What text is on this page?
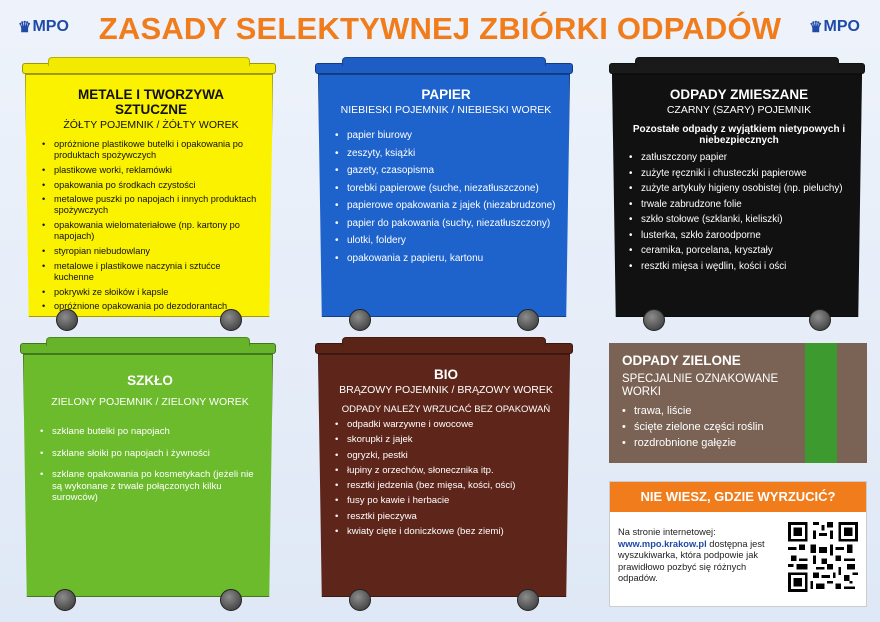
♛ MPO	♛ MPO
ZASADY SELEKTYWNEJ ZBIÓRKI ODPADÓW
METALE I TWORZYWA SZTUCZNE
ŻÓŁTY POJEMNIK / ŻÓŁTY WOREK
• opróżnione plastikowe butelki i opakowania po produktach spożywczych
• plastikowe worki, reklamówki
• opakowania po środkach czystości
• metalowe puszki po napojach i innych produktach spożywczych
• opakowania wielomateriałowe (np. kartony po napojach)
• styropian niebudowlany
• metalowe i plastikowe naczynia i sztućce kuchenne
• pokrywki ze słoików i kapsle
• opróżnione opakowania po dezodorantach
PAPIER
NIEBIESKI POJEMNIK / NIEBIESKI WOREK
• papier biurowy
• zeszyty, książki
• gazety, czasopisma
• torebki papierowe (suche, niezatłuszczone)
• papierowe opakowania z jajek (niezabrudzone)
• papier do pakowania (suchy, niezatłuszczony)
• ulotki, foldery
• opakowania z papieru, kartonu
ODPADY ZMIESZANE
CZARNY (SZARY) POJEMNIK
Pozostałe odpady z wyjątkiem nietypowych i niebezpiecznych
• zatłuszczony papier
• zużyte ręczniki i chusteczki papierowe
• zużyte artykuły higieny osobistej (np. pieluchy)
• trwale zabrudzone folie
• szkło stołowe (szklanki, kieliszki)
• lusterka, szkło żaroodporne
• ceramika, porcelana, kryształy
• resztki mięsa i wędlin, kości i ości
SZKŁO
ZIELONY POJEMNIK / ZIELONY WOREK
• szklane butelki po napojach
• szklane słoiki po napojach i żywności
• szklane opakowania po kosmetykach (jeżeli nie są wykonane z trwale połączonych kilku surowców)
BIO
BRĄZOWY POJEMNIK / BRĄZOWY WOREK
ODPADY NALEŻY WRZUCAĆ BEZ OPAKOWAŃ
• odpadki warzywne i owocowe
• skorupki z jajek
• ogryzki, pestki
• łupiny z orzechów, słonecznika itp.
• resztki jedzenia (bez mięsa, kości, ości)
• fusy po kawie i herbacie
• resztki pieczywa
• kwiaty cięte i doniczkowe (bez ziemi)
ODPADY ZIELONE
SPECJALNIE OZNAKOWANE WORKI
• trawa, liście
• ścięte zielone części roślin
• rozdrobnione gałęzie
NIE WIESZ, GDZIE WYRZUCIĆ?
Na stronie internetowej:
www.mpo.krakow.pl dostępna jest wyszukiwarka, która podpowie jak prawidłowo pozbyć się różnych odpadów.
